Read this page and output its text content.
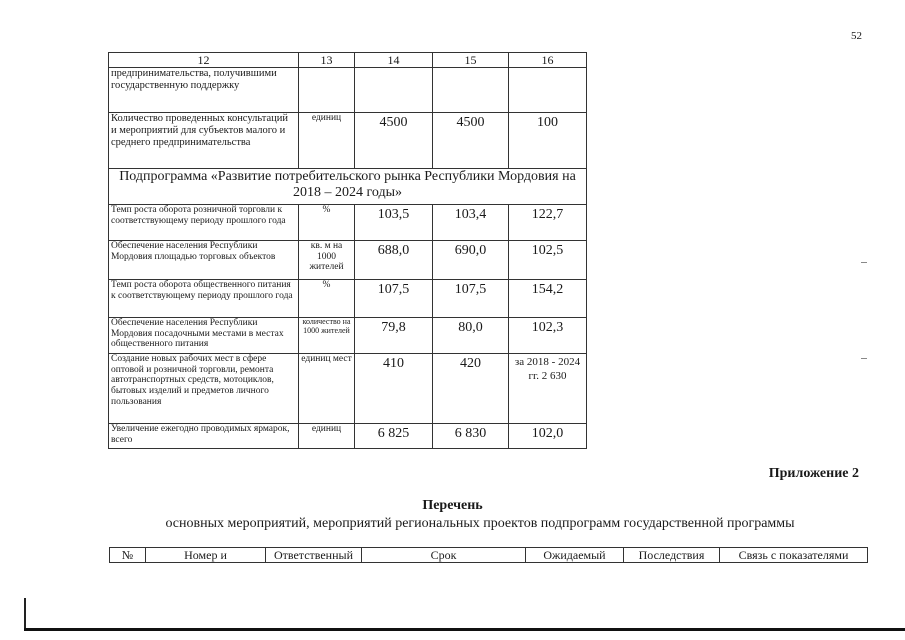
52
12	13	14	15	16
предпринимательства, получившими государственную поддержку				
Количество проведенных консультаций и мероприятий для субъектов малого и среднего предпринимательства	единиц	4500	4500	100
Подпрограмма «Развитие потребительского рынка Республики Мордовия на 2018 – 2024 годы»				
Темп роста оборота розничной торговли к соответствующему периоду прошлого года	%	103,5	103,4	122,7
Обеспечение населения Республики Мордовия площадью торговых объектов	кв. м на 1000 жителей	688,0	690,0	102,5
Темп роста оборота общественного питания к соответствующему периоду прошлого года	%	107,5	107,5	154,2
Обеспечение населения Республики Мордовия посадочными местами в местах общественного питания	количество на 1000 жителей	79,8	80,0	102,3
Создание новых рабочих мест в сфере оптовой и розничной торговли, ремонта автотранспортных средств, мотоциклов, бытовых изделий и предметов личного пользования	единиц мест	410	420	за 2018 - 2024 гг. 2 630
Увеличение ежегодно проводимых ярмарок, всего	единиц	6 825	6 830	102,0
Приложение 2
Перечень
основных мероприятий, мероприятий региональных проектов подпрограмм государственной программы
№	Номер и	Ответственный	Срок	Ожидаемый	Последствия	Связь с показателями
